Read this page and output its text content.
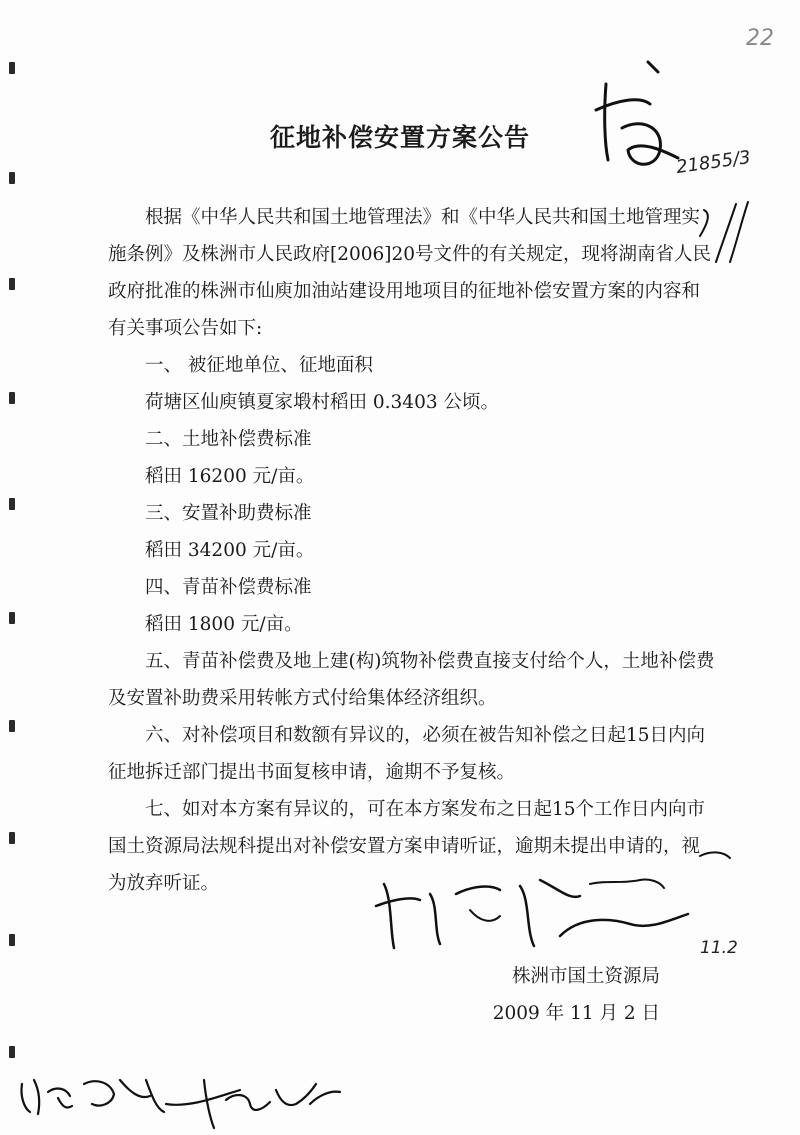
22
21855/3
征地补偿安置方案公告

根据《中华人民共和国土地管理法》和《中华人民共和国土地管理实施条例》及株洲市人民政府[2006]20号文件的有关规定，现将湖南省人民政府批准的株洲市仙庾加油站建设用地项目的征地补偿安置方案的内容和有关事项公告如下:

一、 被征地单位、征地面积

荷塘区仙庾镇夏家塅村稻田 0.3403 公顷。

二、土地补偿费标准

稻田 16200 元/亩。

三、安置补助费标准

稻田 34200 元/亩。

四、青苗补偿费标准

稻田 1800 元/亩。

五、青苗补偿费及地上建(构)筑物补偿费直接支付给个人，土地补偿费及安置补助费采用转帐方式付给集体经济组织。

六、对补偿项目和数额有异议的，必须在被告知补偿之日起15日内向征地拆迁部门提出书面复核申请，逾期不予复核。

七、如对本方案有异议的，可在本方案发布之日起15个工作日内向市国土资源局法规科提出对补偿安置方案申请听证，逾期未提出申请的，视为放弃听证。

11.2
株洲市国土资源局
2009 年 11 月 2 日
